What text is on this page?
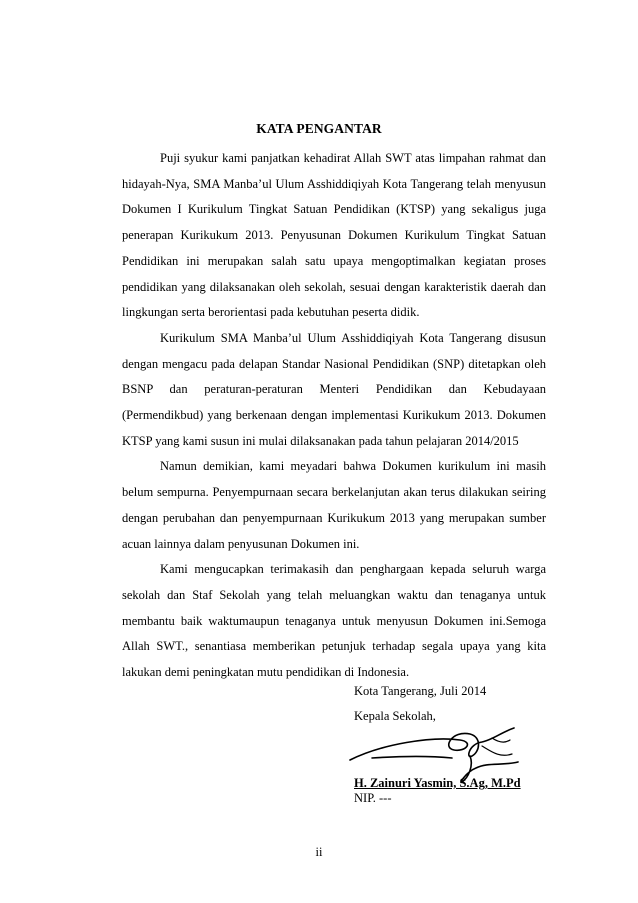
KATA PENGANTAR

Puji syukur kami panjatkan kehadirat Allah SWT atas limpahan rahmat dan hidayah-Nya, SMA Manba’ul Ulum Asshiddiqiyah Kota Tangerang telah menyusun Dokumen I Kurikulum Tingkat Satuan Pendidikan (KTSP) yang sekaligus juga penerapan Kurikukum 2013. Penyusunan Dokumen Kurikulum Tingkat Satuan Pendidikan ini merupakan salah satu upaya mengoptimalkan kegiatan proses pendidikan yang dilaksanakan oleh sekolah, sesuai dengan karakteristik daerah dan lingkungan serta berorientasi pada kebutuhan peserta didik.

Kurikulum SMA Manba’ul Ulum Asshiddiqiyah Kota Tangerang disusun dengan mengacu pada delapan Standar Nasional Pendidikan (SNP) ditetapkan oleh BSNP dan peraturan-peraturan Menteri Pendidikan dan Kebudayaan (Permendikbud) yang berkenaan dengan implementasi Kurikukum 2013. Dokumen KTSP yang kami susun ini mulai dilaksanakan pada tahun pelajaran 2014/2015

Namun demikian, kami meyadari bahwa Dokumen kurikulum ini masih belum sempurna. Penyempurnaan secara berkelanjutan akan terus dilakukan seiring dengan perubahan dan penyempurnaan Kurikukum 2013 yang merupakan sumber acuan lainnya dalam penyusunan Dokumen ini.

Kami mengucapkan terimakasih dan penghargaan kepada seluruh warga sekolah dan Staf Sekolah yang telah meluangkan waktu dan tenaganya untuk membantu baik waktumaupun tenaganya untuk menyusun Dokumen ini.Semoga Allah SWT., senantiasa memberikan petunjuk terhadap segala upaya yang kita lakukan demi peningkatan mutu pendidikan di Indonesia.

Kota Tangerang, Juli 2014
Kepala Sekolah,
H. Zainuri Yasmin, S.Ag, M.Pd
NIP. ---
ii
